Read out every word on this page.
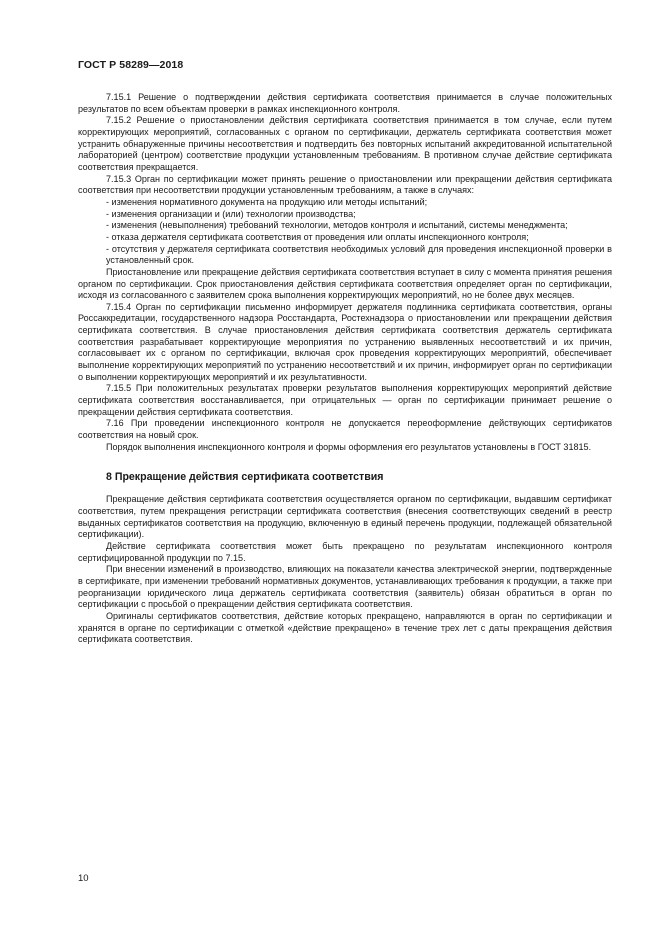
ГОСТ Р 58289—2018

7.15.1 Решение о подтверждении действия сертификата соответствия принимается в случае положительных результатов по всем объектам проверки в рамках инспекционного контроля.

7.15.2 Решение о приостановлении действия сертификата соответствия принимается в том случае, если путем корректирующих мероприятий, согласованных с органом по сертификации, держатель сертификата соответствия может устранить обнаруженные причины несоответствия и подтвердить без повторных испытаний аккредитованной испытательной лабораторией (центром) соответствие продукции установленным требованиям. В противном случае действие сертификата соответствия прекращается.

7.15.3 Орган по сертификации может принять решение о приостановлении или прекращении действия сертификата соответствия при несоответствии продукции установленным требованиям, а также в случаях:

- изменения нормативного документа на продукцию или методы испытаний;

- изменения организации и (или) технологии производства;

- изменения (невыполнения) требований технологии, методов контроля и испытаний, системы менеджмента;

- отказа держателя сертификата соответствия от проведения или оплаты инспекционного контроля;

- отсутствия у держателя сертификата соответствия необходимых условий для проведения инспекционной проверки в установленный срок.

Приостановление или прекращение действия сертификата соответствия вступает в силу с момента принятия решения органом по сертификации. Срок приостановления действия сертификата соответствия определяет орган по сертификации, исходя из согласованного с заявителем срока выполнения корректирующих мероприятий, но не более двух месяцев.

7.15.4 Орган по сертификации письменно информирует держателя подлинника сертификата соответствия, органы Россаккредитации, государственного надзора Росстандарта, Ростехнадзора о приостановлении или прекращении действия сертификата соответствия. В случае приостановления действия сертификата соответствия держатель сертификата соответствия разрабатывает корректирующие мероприятия по устранению выявленных несоответствий и их причин, согласовывает их с органом по сертификации, включая срок проведения корректирующих мероприятий, обеспечивает выполнение корректирующих мероприятий по устранению несоответствий и их причин, информирует орган по сертификации о выполнении корректирующих мероприятий и их результативности.

7.15.5 При положительных результатах проверки результатов выполнения корректирующих мероприятий действие сертификата соответствия восстанавливается, при отрицательных — орган по сертификации принимает решение о прекращении действия сертификата соответствия.

7.16 При проведении инспекционного контроля не допускается переоформление действующих сертификатов соответствия на новый срок.

Порядок выполнения инспекционного контроля и формы оформления его результатов установлены в ГОСТ 31815.

8 Прекращение действия сертификата соответствия

Прекращение действия сертификата соответствия осуществляется органом по сертификации, выдавшим сертификат соответствия, путем прекращения регистрации сертификата соответствия (внесения соответствующих сведений в реестр выданных сертификатов соответствия на продукцию, включенную в единый перечень продукции, подлежащей обязательной сертификации).

Действие сертификата соответствия может быть прекращено по результатам инспекционного контроля сертифицированной продукции по 7.15.

При внесении изменений в производство, влияющих на показатели качества электрической энергии, подтвержденные в сертификате, при изменении требований нормативных документов, устанавливающих требования к продукции, а также при реорганизации юридического лица держатель сертификата соответствия (заявитель) обязан обратиться в орган по сертификации с просьбой о прекращении действия сертификата соответствия.

Оригиналы сертификатов соответствия, действие которых прекращено, направляются в орган по сертификации и хранятся в органе по сертификации с отметкой «действие прекращено» в течение трех лет с даты прекращения действия сертификата соответствия.

10
